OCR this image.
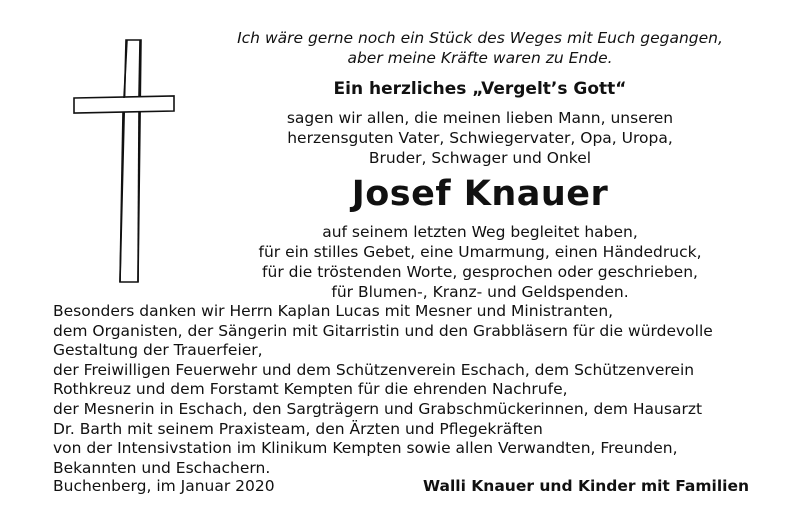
Ich wäre gerne noch ein Stück des Weges mit Euch gegangen,
aber meine Kräfte waren zu Ende.

Ein herzliches „Vergelt’s Gott“

sagen wir allen, die meinen lieben Mann, unseren
herzensguten Vater, Schwiegervater, Opa, Uropa,
Bruder, Schwager und Onkel

Josef Knauer

auf seinem letzten Weg begleitet haben,
für ein stilles Gebet, eine Umarmung, einen Händedruck,
für die tröstenden Worte, gesprochen oder geschrieben,
für Blumen-, Kranz- und Geldspenden.

Besonders danken wir Herrn Kaplan Lucas mit Mesner und Ministranten,
dem Organisten, der Sängerin mit Gitarristin und den Grabbläsern für die würdevolle
Gestaltung der Trauerfeier,
der Freiwilligen Feuerwehr und dem Schützenverein Eschach, dem Schützenverein
Rothkreuz und dem Forstamt Kempten für die ehrenden Nachrufe,
der Mesnerin in Eschach, den Sargträgern und Grabschmückerinnen, dem Hausarzt
Dr. Barth mit seinem Praxisteam, den Ärzten und Pflegekräften
von der Intensivstation im Klinikum Kempten sowie allen Verwandten, Freunden,
Bekannten und Eschachern.

Buchenberg, im Januar 2020	Walli Knauer und Kinder mit Familien
